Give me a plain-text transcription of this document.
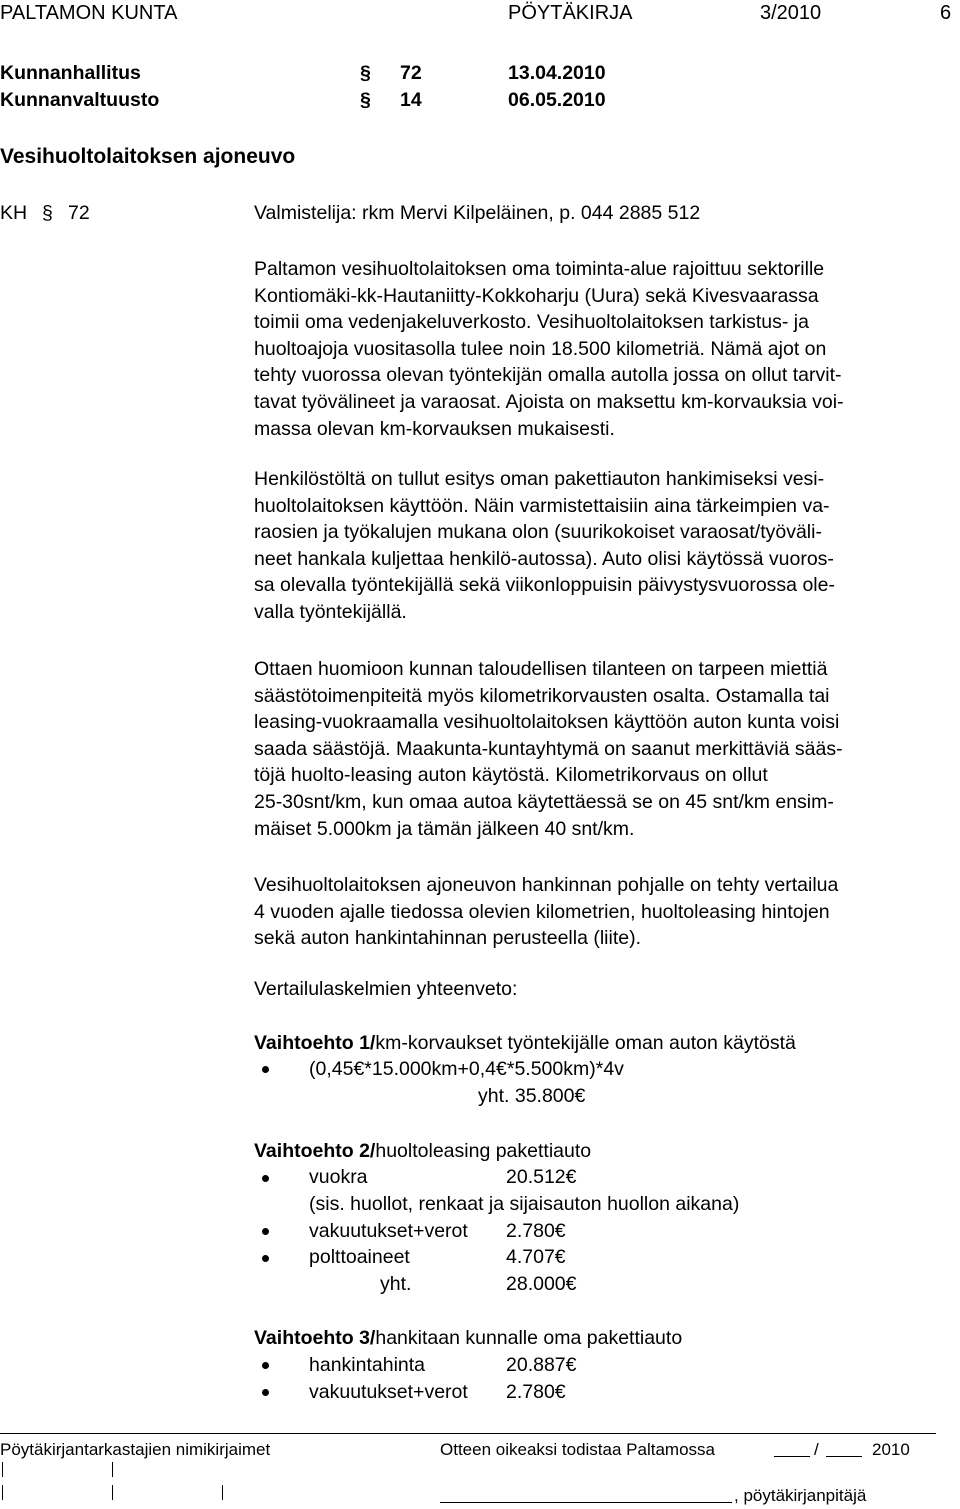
PALTAMON KUNTA	PÖYTÄKIRJA	3/2010	6
Kunnanhallitus	§ 72	13.04.2010
Kunnanvaltuusto	§ 14	06.05.2010
Vesihuoltolaitoksen ajoneuvo
KH § 72	Valmistelija: rkm Mervi Kilpeläinen, p. 044 2885 512
Paltamon vesihuoltolaitoksen oma toiminta-alue rajoittuu sektorille
Kontiomäki-kk-Hautaniitty-Kokkoharju (Uura) sekä Kivesvaarassa
toimii oma vedenjakeluverkosto. Vesihuoltolaitoksen tarkistus- ja
huoltoajoja vuositasolla tulee noin 18.500 kilometriä. Nämä ajot on
tehty vuorossa olevan työntekijän omalla autolla jossa on ollut tarvit-
tavat työvälineet ja varaosat. Ajoista on maksettu km-korvauksia voi-
massa olevan km-korvauksen mukaisesti.
Henkilöstöltä on tullut esitys oman pakettiauton hankimiseksi vesi-
huoltolaitoksen käyttöön. Näin varmistettaisiin aina tärkeimpien va-
raosien ja työkalujen mukana olon (suurikokoiset varaosat/työväli-
neet hankala kuljettaa henkilö-autossa). Auto olisi käytössä vuoros-
sa olevalla työntekijällä sekä viikonloppuisin päivystysvuorossa ole-
valla työntekijällä.
Ottaen huomioon kunnan taloudellisen tilanteen on tarpeen miettiä
säästötoimenpiteitä myös kilometrikorvausten osalta. Ostamalla tai
leasing-vuokraamalla vesihuoltolaitoksen käyttöön auton kunta voisi
saada säästöjä. Maakunta-kuntayhtymä on saanut merkittäviä sääs-
töjä huolto-leasing auton käytöstä. Kilometrikorvaus on ollut
25-30snt/km, kun omaa autoa käytettäessä se on 45 snt/km ensim-
mäiset 5.000km ja tämän jälkeen 40 snt/km.
Vesihuoltolaitoksen ajoneuvon hankinnan pohjalle on tehty vertailua
4 vuoden ajalle tiedossa olevien kilometrien, huoltoleasing hintojen
sekä auton hankintahinnan perusteella (liite).
Vertailulaskelmien yhteenveto:
Vaihtoehto 1/km-korvaukset työntekijälle oman auton käytöstä
(0,45€*15.000km+0,4€*5.500km)*4v
yht. 35.800€
Vaihtoehto 2/huoltoleasing pakettiauto
vuokra	20.512€
(sis. huollot, renkaat ja sijaisauton huollon aikana)
vakuutukset+verot 2.780€
polttoaineet	4.707€
yht.	28.000€
Vaihtoehto 3/hankitaan kunnalle oma pakettiauto
hankintahinta	20.887€
vakuutukset+verot 2.780€
Pöytäkirjantarkastajien nimikirjaimet	Otteen oikeaksi todistaa Paltamossa	/	2010
, pöytäkirjanpitäjä
